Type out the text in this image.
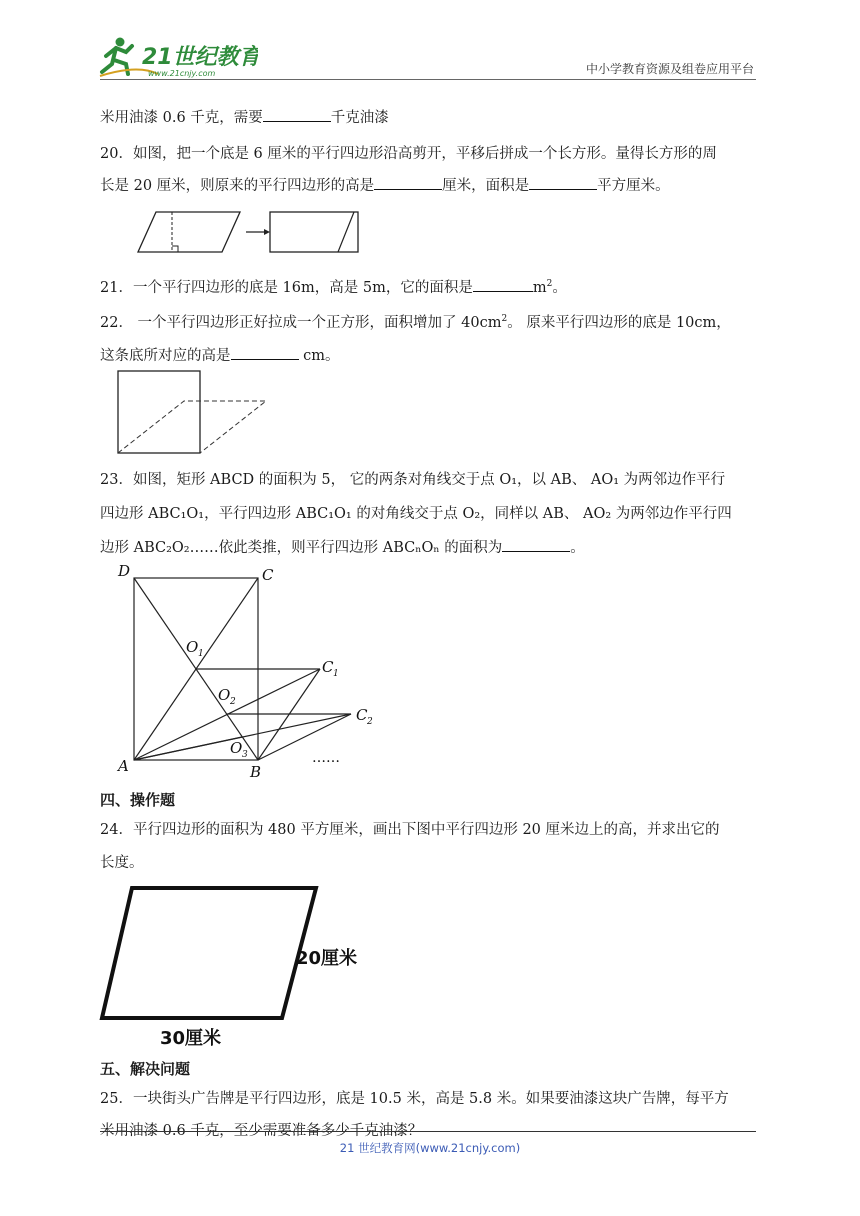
21世纪教育
www.21cnjy.com	中小学教育资源及组卷应用平台
米用油漆 0.6 千克，需要	千克油漆
20．如图，把一个底是 6 厘米的平行四边形沿高剪开，平移后拼成一个长方形。量得长方形的周
长是 20 厘米，则原来的平行四边形的高是	厘米，面积是	平方厘米。
21．一个平行四边形的底是 16m，高是 5m，它的面积是	$m^2$。
22． 一个平行四边形正好拉成一个正方形，面积增加了 $40cm^2$。 原来平行四边形的底是 10cm，
这条底所对应的高是	cm。
23．如图，矩形 ABCD 的面积为 5， 它的两条对角线交于点 O₁，以 AB、 AO₁ 为两邻边作平行
四边形 ABC₁O₁，平行四边形 ABC₁O₁ 的对角线交于点 O₂，同样以 AB、 AO₂ 为两邻边作平行四
边形 ABC₂O₂……依此类推，则平行四边形 ABCₙOₙ 的面积为	。
D	C
A	B
O 1
O 2
O 3
C 1
C 2
……
四、操作题
24．平行四边形的面积为 480 平方厘米，画出下图中平行四边形 20 厘米边上的高，并求出它的
长度。
20厘米
30厘米
五、解决问题
25．一块街头广告牌是平行四边形，底是 10.5 米，高是 5.8 米。如果要油漆这块广告牌，每平方
米用油漆 0.6 千克，至少需要准备多少千克油漆？
21 世纪教育网(www.21cnjy.com)
